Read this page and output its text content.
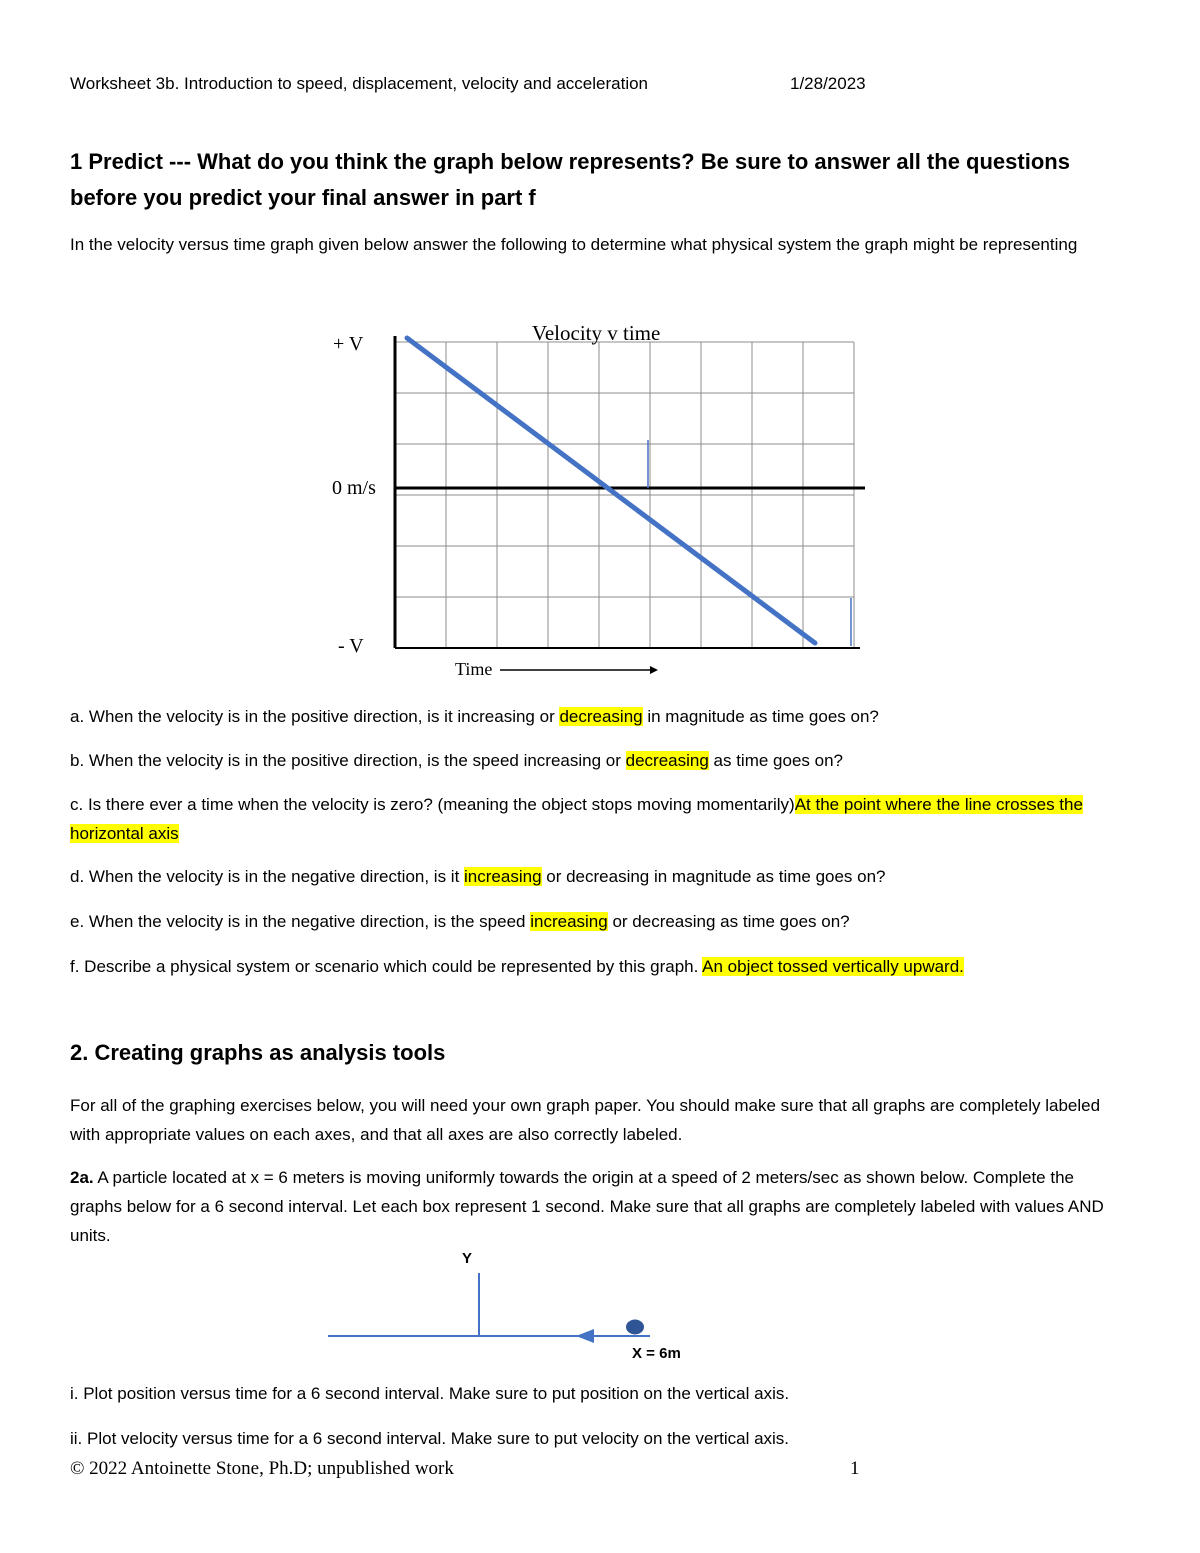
Worksheet 3b. Introduction to speed, displacement, velocity and acceleration	1/28/2023
1 Predict --- What do you think the graph below represents? Be sure to answer all the questions before you predict your final answer in part f
In the velocity versus time graph given below answer the following to determine what physical system the graph might be representing
Velocity v time
+ V
0 m/s
- V
Time
a. When the velocity is in the positive direction, is it increasing or decreasing in magnitude as time goes on?
b. When the velocity is in the positive direction, is the speed increasing or decreasing as time goes on?
c. Is there ever a time when the velocity is zero? (meaning the object stops moving momentarily)At the point where the line crosses the horizontal axis
d. When the velocity is in the negative direction, is it increasing or decreasing in magnitude as time goes on?
e. When the velocity is in the negative direction, is the speed increasing or decreasing as time goes on?
f. Describe a physical system or scenario which could be represented by this graph. An object tossed vertically upward.
2. Creating graphs as analysis tools
For all of the graphing exercises below, you will need your own graph paper. You should make sure that all graphs are completely labeled with appropriate values on each axes, and that all axes are also correctly labeled.
2a. A particle located at x = 6 meters is moving uniformly towards the origin at a speed of 2 meters/sec as shown below. Complete the graphs below for a 6 second interval. Let each box represent 1 second. Make sure that all graphs are completely labeled with values AND units.
Y
X = 6m
i. Plot position versus time for a 6 second interval. Make sure to put position on the vertical axis.
ii. Plot velocity versus time for a 6 second interval. Make sure to put velocity on the vertical axis.
© 2022 Antoinette Stone, Ph.D; unpublished work	1
